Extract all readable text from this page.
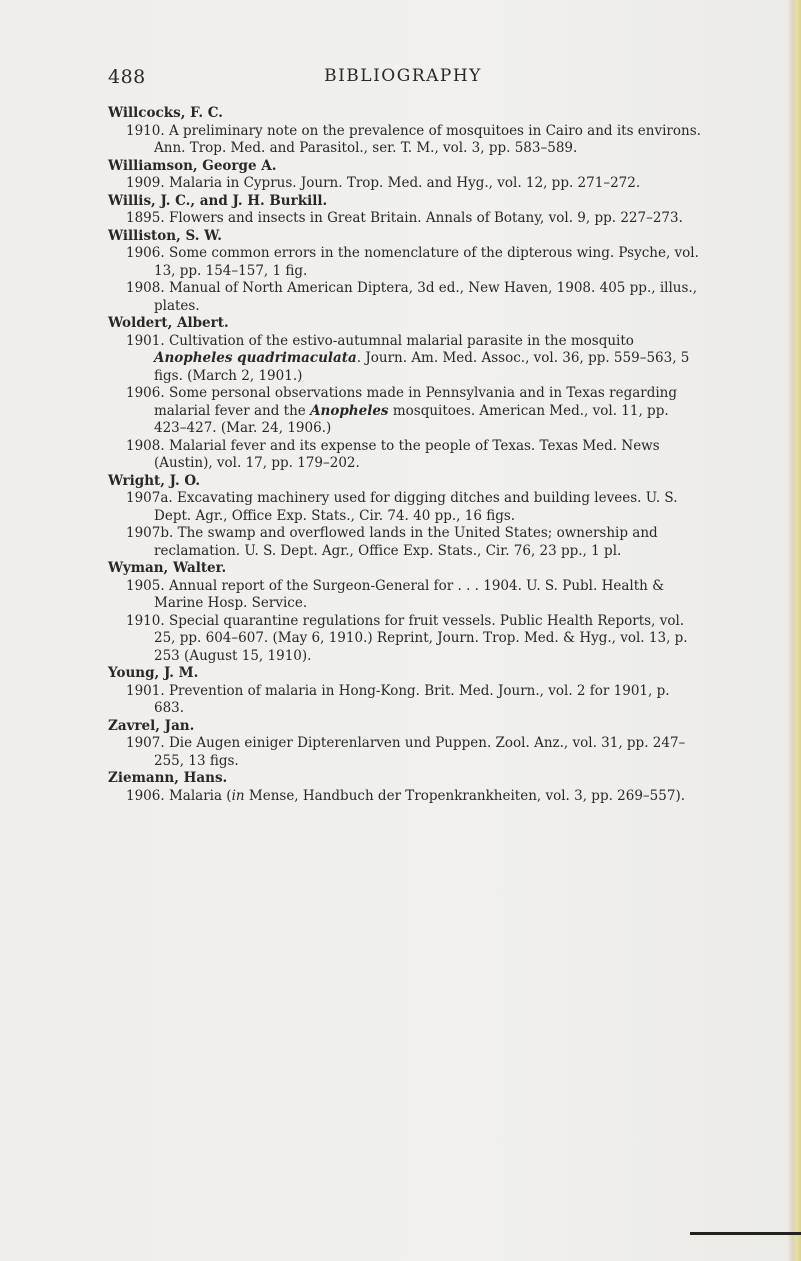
488	BIBLIOGRAPHY
Willcocks, F. C.
1910. A preliminary note on the prevalence of mosquitoes in Cairo and its environs. Ann. Trop. Med. and Parasitol., ser. T. M., vol. 3, pp. 583–589.
Williamson, George A.
1909. Malaria in Cyprus. Journ. Trop. Med. and Hyg., vol. 12, pp. 271–272.
Willis, J. C., and J. H. Burkill.
1895. Flowers and insects in Great Britain. Annals of Botany, vol. 9, pp. 227–273.
Williston, S. W.
1906. Some common errors in the nomenclature of the dipterous wing. Psyche, vol. 13, pp. 154–157, 1 fig.
1908. Manual of North American Diptera, 3d ed., New Haven, 1908. 405 pp., illus., plates.
Woldert, Albert.
1901. Cultivation of the estivo-autumnal malarial parasite in the mosquito Anopheles quadrimaculata. Journ. Am. Med. Assoc., vol. 36, pp. 559–563, 5 figs. (March 2, 1901.)
1906. Some personal observations made in Pennsylvania and in Texas regarding malarial fever and the Anopheles mosquitoes. American Med., vol. 11, pp. 423–427. (Mar. 24, 1906.)
1908. Malarial fever and its expense to the people of Texas. Texas Med. News (Austin), vol. 17, pp. 179–202.
Wright, J. O.
1907a. Excavating machinery used for digging ditches and building levees. U. S. Dept. Agr., Office Exp. Stats., Cir. 74. 40 pp., 16 figs.
1907b. The swamp and overflowed lands in the United States; ownership and reclamation. U. S. Dept. Agr., Office Exp. Stats., Cir. 76, 23 pp., 1 pl.
Wyman, Walter.
1905. Annual report of the Surgeon-General for . . . 1904. U. S. Publ. Health & Marine Hosp. Service.
1910. Special quarantine regulations for fruit vessels. Public Health Reports, vol. 25, pp. 604–607. (May 6, 1910.) Reprint, Journ. Trop. Med. & Hyg., vol. 13, p. 253 (August 15, 1910).
Young, J. M.
1901. Prevention of malaria in Hong-Kong. Brit. Med. Journ., vol. 2 for 1901, p. 683.
Zavrel, Jan.
1907. Die Augen einiger Dipterenlarven und Puppen. Zool. Anz., vol. 31, pp. 247–255, 13 figs.
Ziemann, Hans.
1906. Malaria (in Mense, Handbuch der Tropenkrankheiten, vol. 3, pp. 269–557).
